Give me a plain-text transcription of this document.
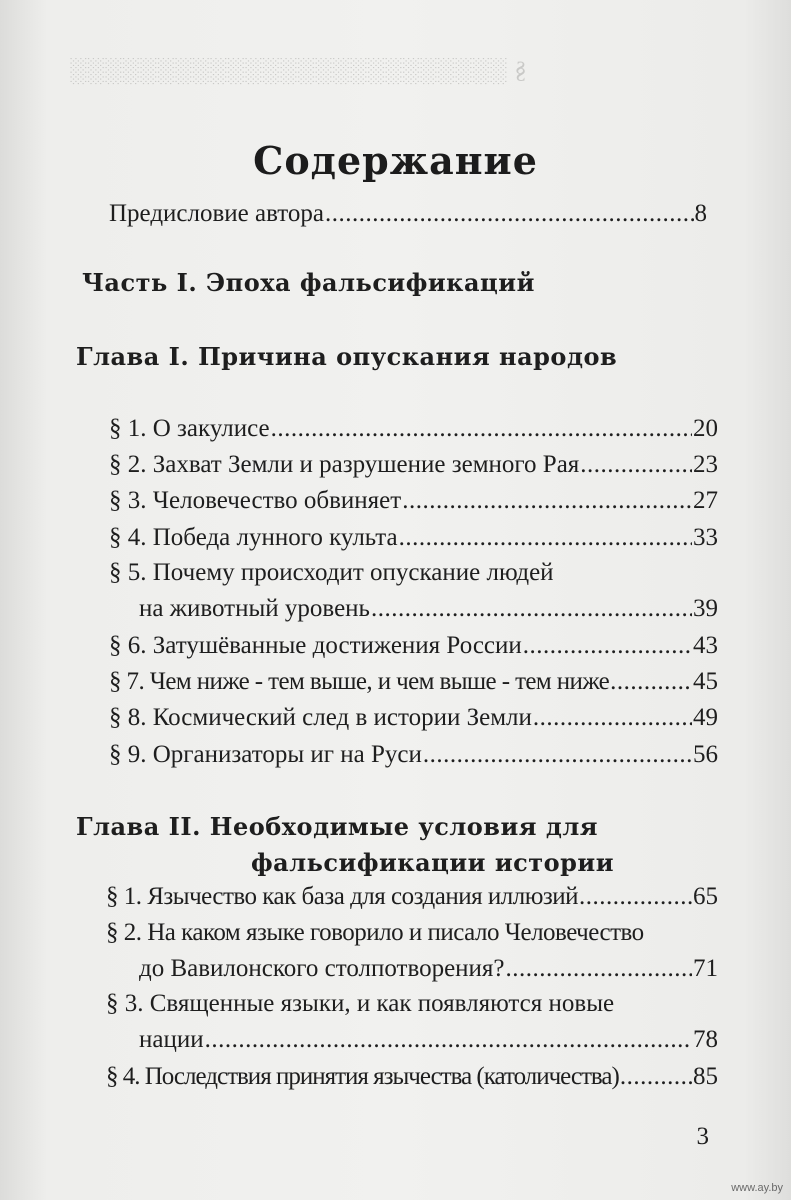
§ ░░░░░░░░░░░░░░░░░░░░░░░░░
Содержание
Предисловие автора .....	8
Часть I. Эпоха фальсификаций
Глава I. Причина опускания народов
§ 1. О закулисе .....	20
§ 2. Захват Земли и разрушение земного Рая .....	23
§ 3. Человечество обвиняет .....	27
§ 4. Победа лунного культа .....	33
§ 5. Почему происходит опускание людей
на животный уровень .....	39
§ 6. Затушёванные достижения России .....	43
§ 7. Чем ниже - тем выше, и чем выше - тем ниже .....	45
§ 8. Космический след в истории Земли .....	49
§ 9. Организаторы иг на Руси .....	56
Глава II. Необходимые условия для
фальсификации истории
§ 1. Язычество как база для создания иллюзий .....	65
§ 2. На каком языке говорило и писало Человечество
до Вавилонского столпотворения? .....	71
§ 3. Священные языки, и как появляются новые
нации .....	78
§ 4. Последствия принятия язычества (католичества) .....	85
3
www.ay.by
